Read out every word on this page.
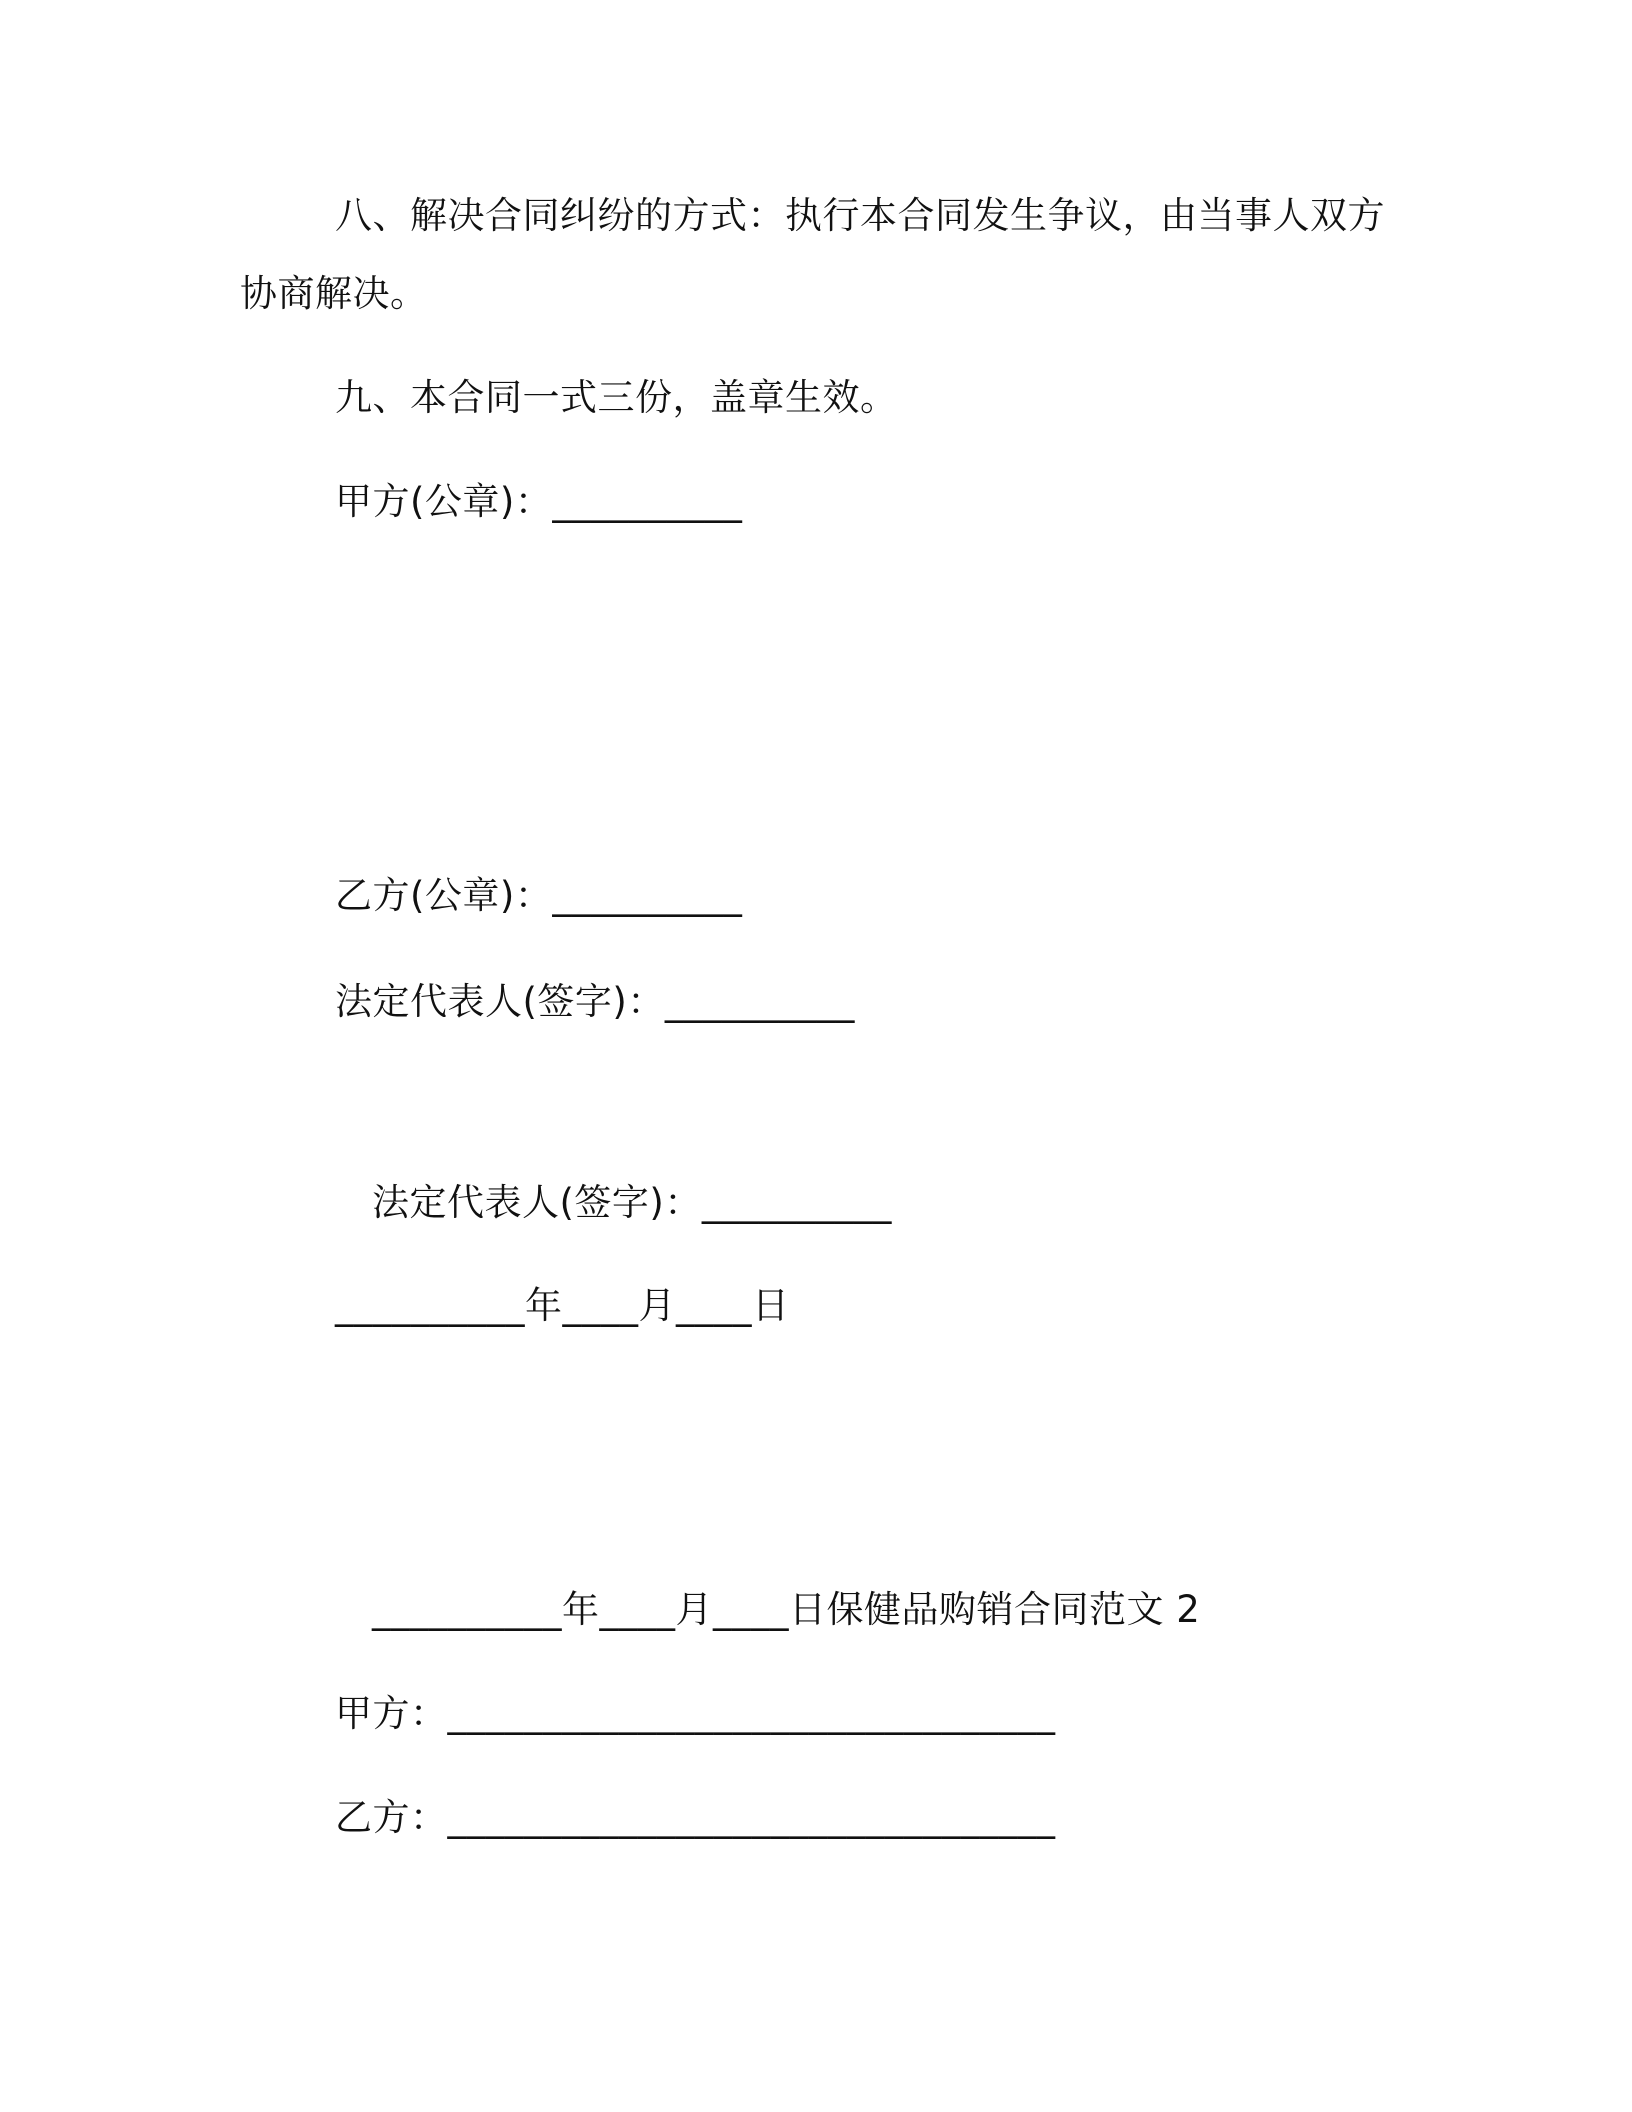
八、解决合同纠纷的方式：执行本合同发生争议，由当事人双方

协商解决。

九、本合同一式三份，盖章生效。

甲方(公章)：__________

乙方(公章)：__________

法定代表人(签字)：__________

法定代表人(签字)：__________

__________年____月____日

__________年____月____日保健品购销合同范文 2

甲方：________________________________

乙方：________________________________
